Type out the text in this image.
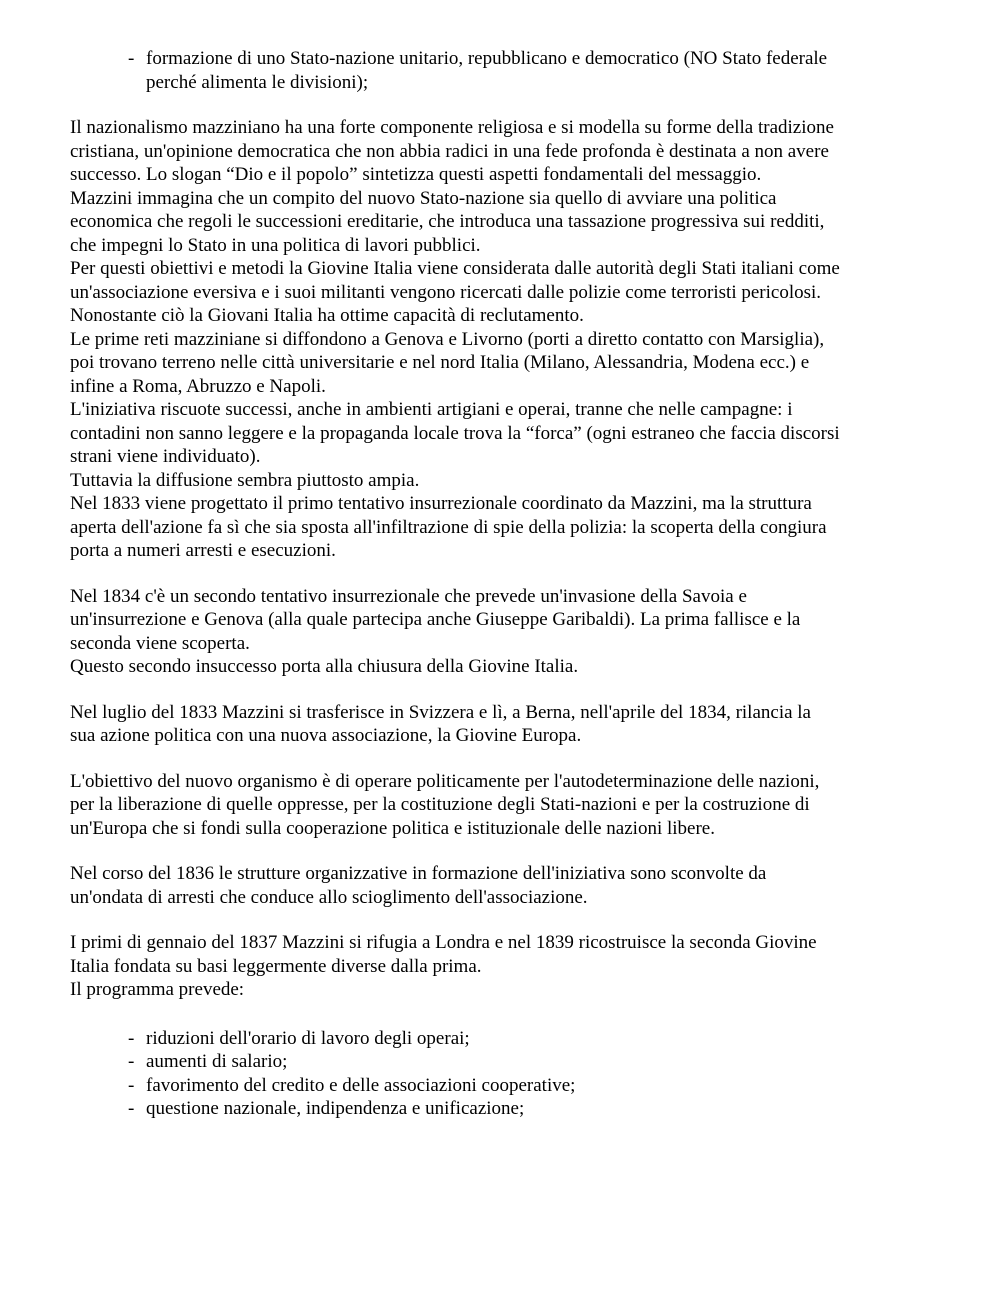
- formazione di uno Stato-nazione unitario, repubblicano e democratico (NO Stato federale
perché alimenta le divisioni);

Il nazionalismo mazziniano ha una forte componente religiosa e si modella su forme della tradizione
cristiana, un'opinione democratica che non abbia radici in una fede profonda è destinata a non avere
successo. Lo slogan “Dio e il popolo” sintetizza questi aspetti fondamentali del messaggio.
Mazzini immagina che un compito del nuovo Stato-nazione sia quello di avviare una politica
economica che regoli le successioni ereditarie, che introduca una tassazione progressiva sui redditi,
che impegni lo Stato in una politica di lavori pubblici.
Per questi obiettivi e metodi la Giovine Italia viene considerata dalle autorità degli Stati italiani come
un'associazione eversiva e i suoi militanti vengono ricercati dalle polizie come terroristi pericolosi.
Nonostante ciò la Giovani Italia ha ottime capacità di reclutamento.
Le prime reti mazziniane si diffondono a Genova e Livorno (porti a diretto contatto con Marsiglia),
poi trovano terreno nelle città universitarie e nel nord Italia (Milano, Alessandria, Modena ecc.) e
infine a Roma, Abruzzo e Napoli.
L'iniziativa riscuote successi, anche in ambienti artigiani e operai, tranne che nelle campagne: i
contadini non sanno leggere e la propaganda locale trova la “forca” (ogni estraneo che faccia discorsi
strani viene individuato).
Tuttavia la diffusione sembra piuttosto ampia.
Nel 1833 viene progettato il primo tentativo insurrezionale coordinato da Mazzini, ma la struttura
aperta dell'azione fa sì che sia sposta all'infiltrazione di spie della polizia: la scoperta della congiura
porta a numeri arresti e esecuzioni.

Nel 1834 c'è un secondo tentativo insurrezionale che prevede un'invasione della Savoia e
un'insurrezione e Genova (alla quale partecipa anche Giuseppe Garibaldi). La prima fallisce e la
seconda viene scoperta.
Questo secondo insuccesso porta alla chiusura della Giovine Italia.

Nel luglio del 1833 Mazzini si trasferisce in Svizzera e lì, a Berna, nell'aprile del 1834, rilancia la
sua azione politica con una nuova associazione, la Giovine Europa.

L'obiettivo del nuovo organismo è di operare politicamente per l'autodeterminazione delle nazioni,
per la liberazione di quelle oppresse, per la costituzione degli Stati-nazioni e per la costruzione di
un'Europa che si fondi sulla cooperazione politica e istituzionale delle nazioni libere.

Nel corso del 1836 le strutture organizzative in formazione dell'iniziativa sono sconvolte da
un'ondata di arresti che conduce allo scioglimento dell'associazione.

I primi di gennaio del 1837 Mazzini si rifugia a Londra e nel 1839 ricostruisce la seconda Giovine
Italia fondata su basi leggermente diverse dalla prima.
Il programma prevede:

- riduzioni dell'orario di lavoro degli operai;
- aumenti di salario;
- favorimento del credito e delle associazioni cooperative;
- questione nazionale, indipendenza e unificazione;
